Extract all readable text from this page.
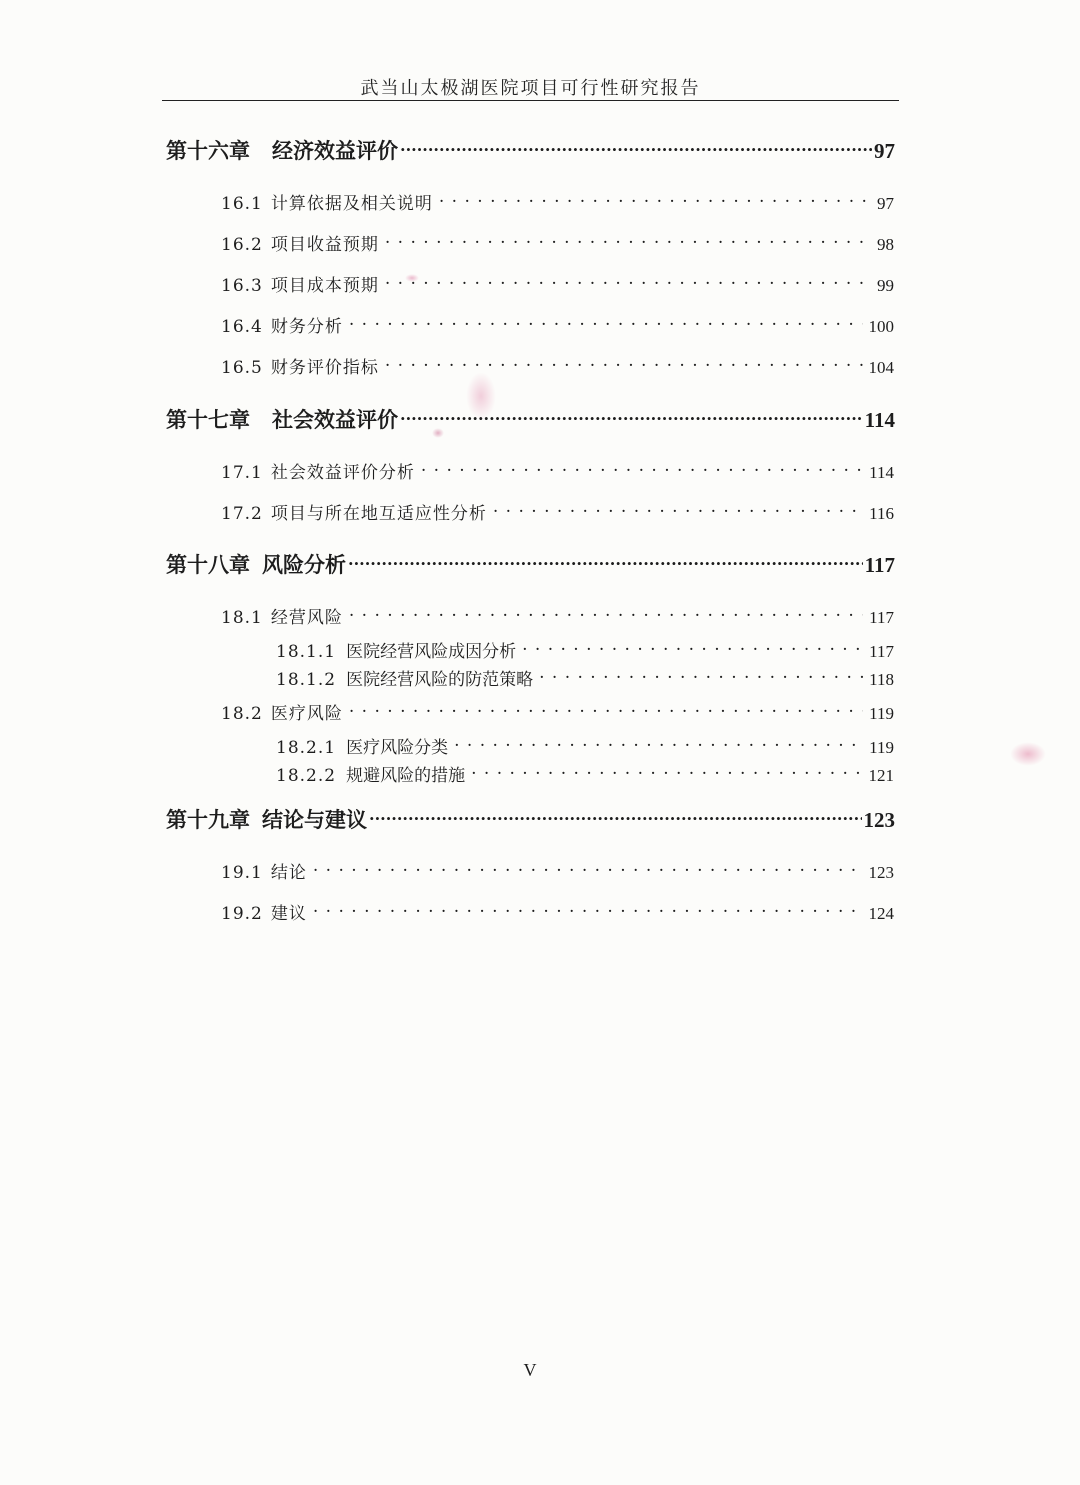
武当山太极湖医院项目可行性研究报告
第十六章 经济效益评价 .....	97
16.1 计算依据及相关说明 . . .	97
16.2 项目收益预期 . . .	98
16.3 项目成本预期 . . .	99
16.4 财务分析 . . .	100
16.5 财务评价指标 . . .	104
第十七章 社会效益评价 .....	114
17.1 社会效益评价分析 . . .	114
17.2 项目与所在地互适应性分析 . . .	116
第十八章 风险分析 .....	117
18.1 经营风险 . . .	117
18.1.1 医院经营风险成因分析 . . .	117
18.1.2 医院经营风险的防范策略 . . .	118
18.2 医疗风险 . . .	119
18.2.1 医疗风险分类 . . .	119
18.2.2 规避风险的措施 . . .	121
第十九章 结论与建议 .....	123
19.1 结论 . . .	123
19.2 建议 . . .	124
V
